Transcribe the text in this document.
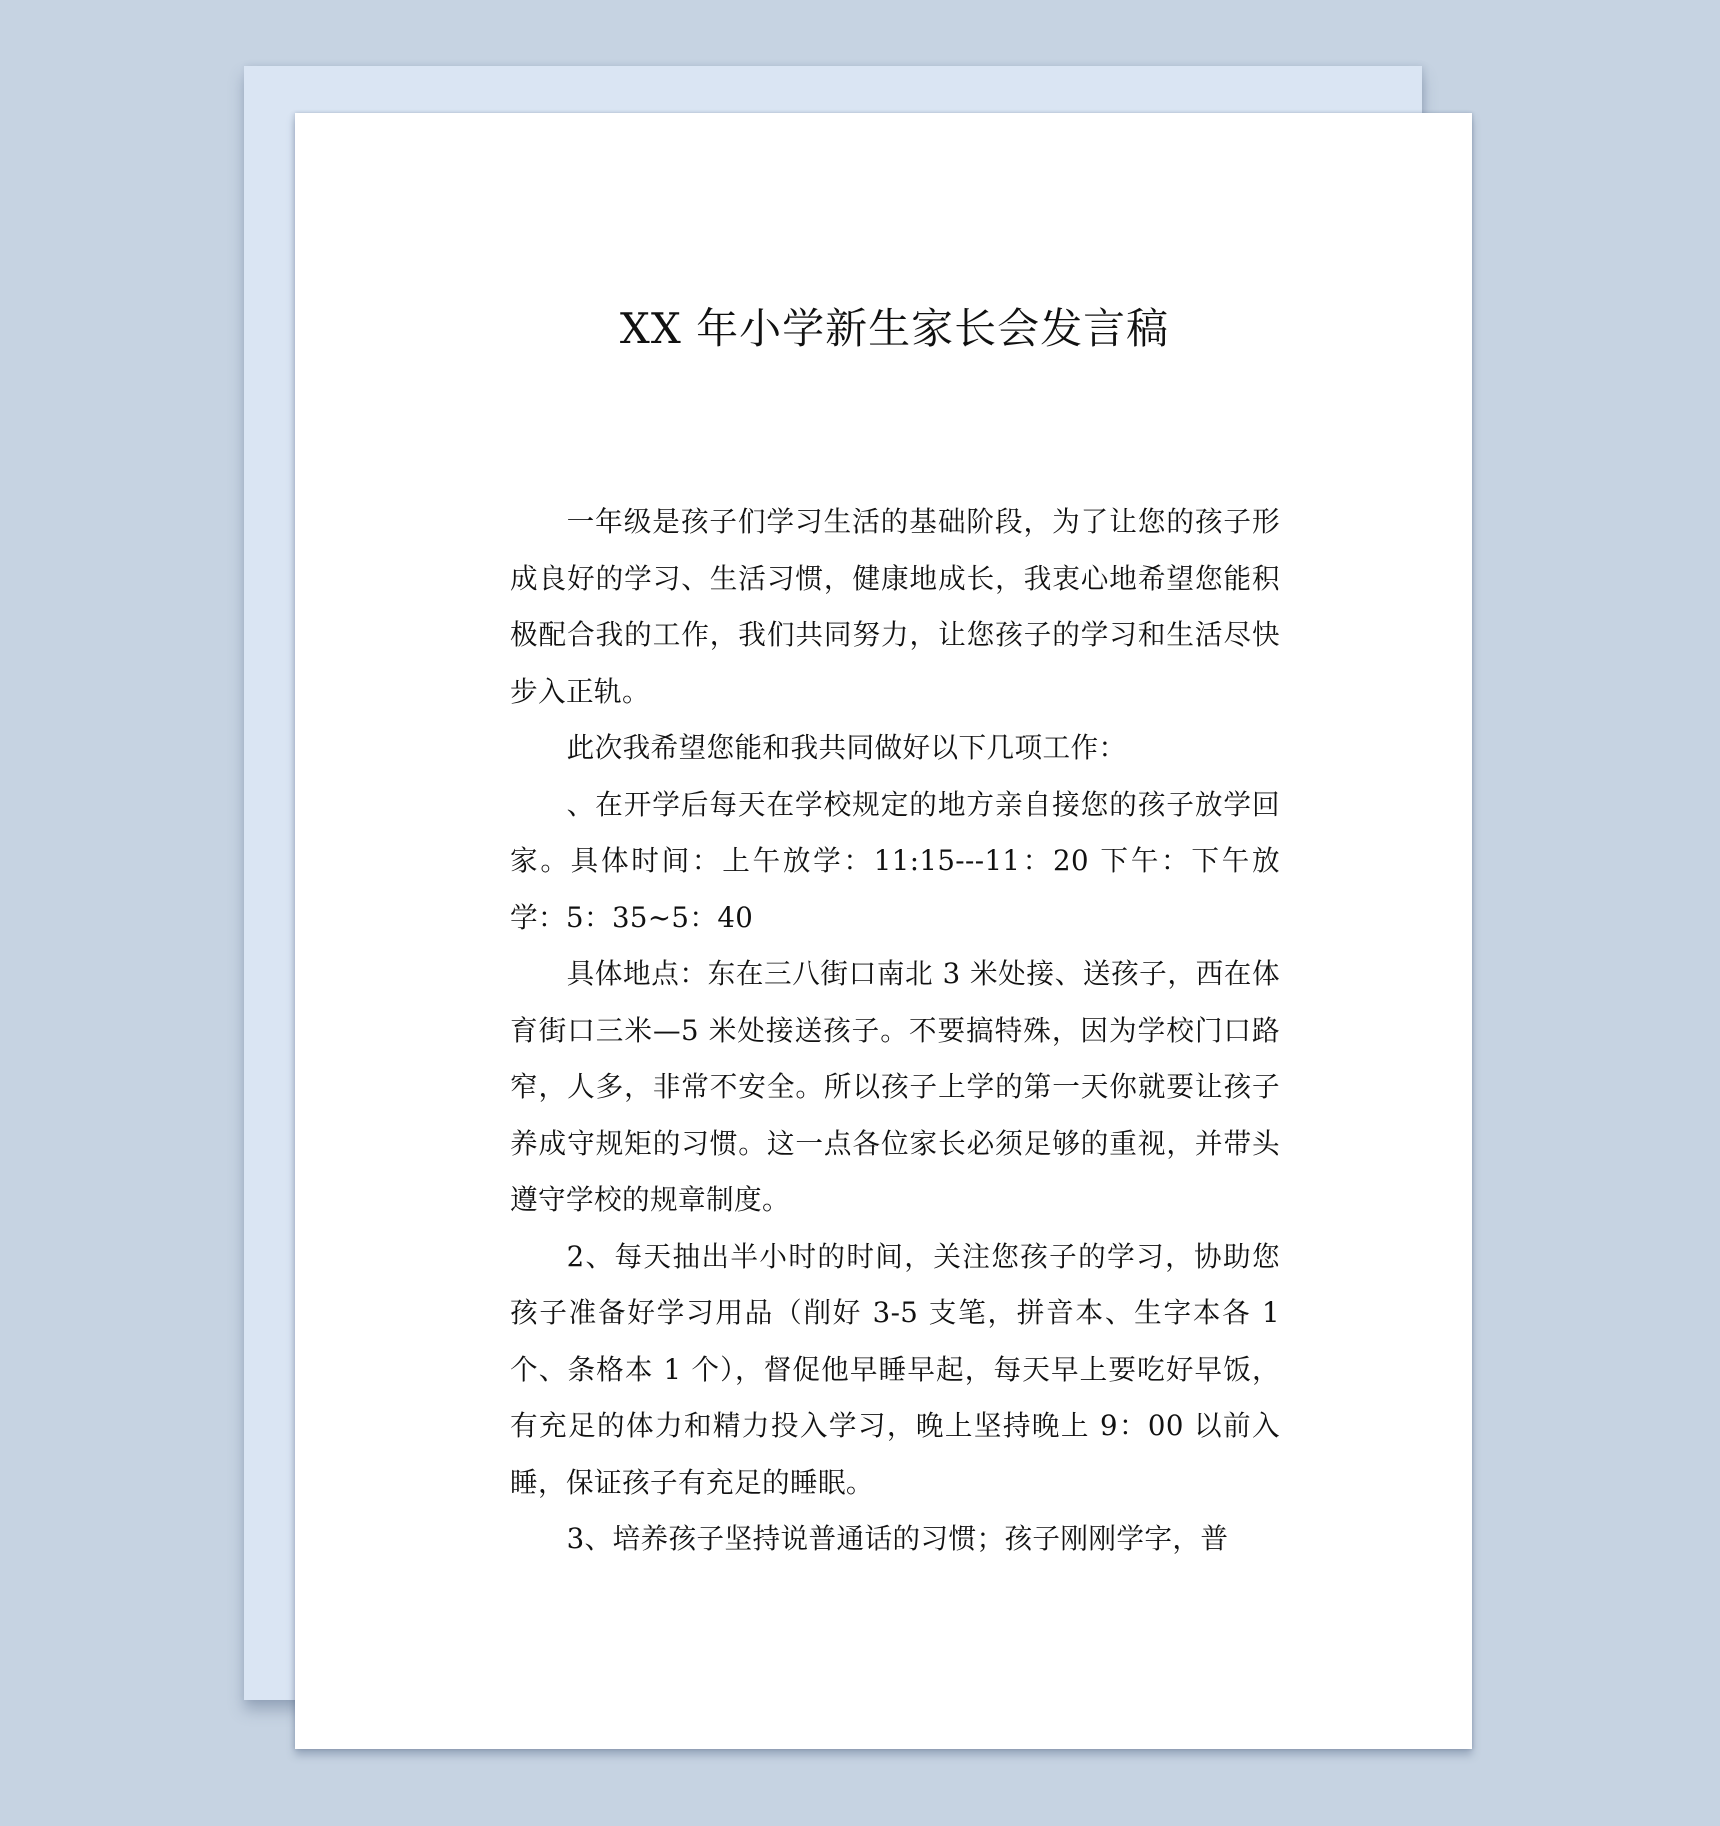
XX 年小学新生家长会发言稿

一年级是孩子们学习生活的基础阶段，为了让您的孩子形成良好的学习、生活习惯，健康地成长，我衷心地希望您能积极配合我的工作，我们共同努力，让您孩子的学习和生活尽快步入正轨。

此次我希望您能和我共同做好以下几项工作：

、在开学后每天在学校规定的地方亲自接您的孩子放学回家。具体时间：上午放学：11:15---11：20 下午：下午放学：5：35~5：40

具体地点：东在三八街口南北 3 米处接、送孩子，西在体育街口三米—5 米处接送孩子。不要搞特殊，因为学校门口路窄，人多，非常不安全。所以孩子上学的第一天你就要让孩子养成守规矩的习惯。这一点各位家长必须足够的重视，并带头遵守学校的规章制度。

2、每天抽出半小时的时间，关注您孩子的学习，协助您孩子准备好学习用品（削好 3-5 支笔，拼音本、生字本各 1 个、条格本 1 个），督促他早睡早起，每天早上要吃好早饭，有充足的体力和精力投入学习，晚上坚持晚上 9：00 以前入睡，保证孩子有充足的睡眠。

3、培养孩子坚持说普通话的习惯；孩子刚刚学字，普
